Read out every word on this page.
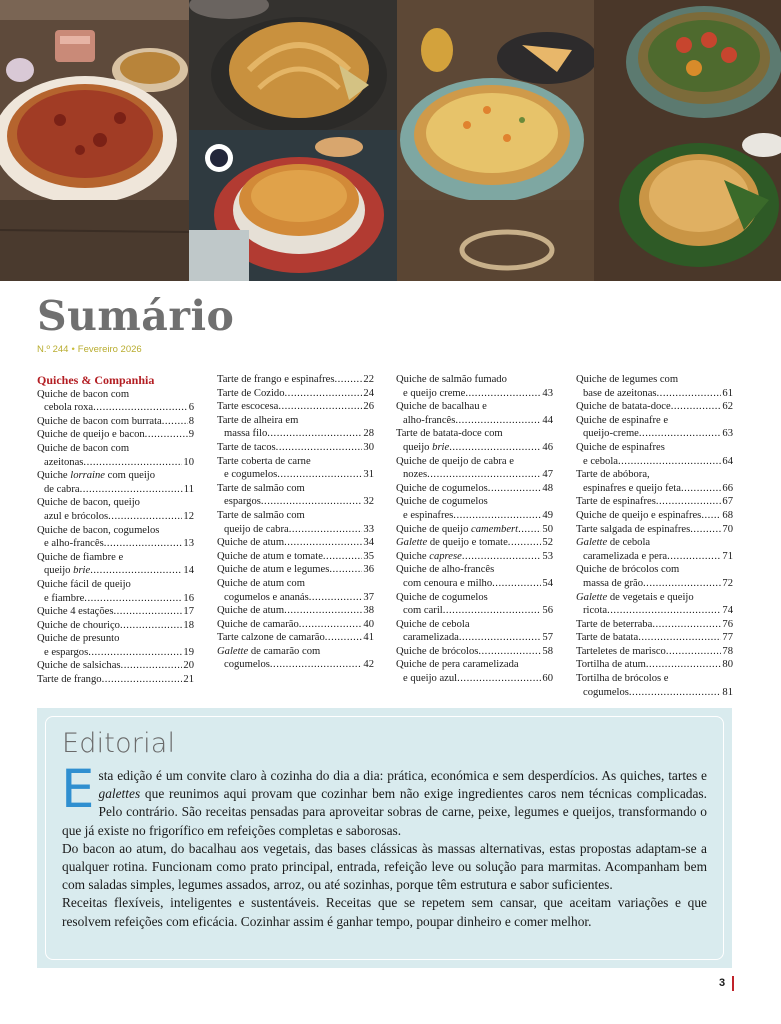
Sumário
N.º 244 • Fevereiro 2026
Quiches & Companhia
Quiche de bacon com
cebola roxa .....	6
Quiche de bacon com burrata .....	8
Quiche de queijo e bacon .....	9
Quiche de bacon com
azeitonas .....	10
Quiche lorraine com queijo
de cabra .....	11
Quiche de bacon, queijo
azul e brócolos .....	12
Quiche de bacon, cogumelos
e alho-francês .....	13
Quiche de fiambre e
queijo brie .....	14
Quiche fácil de queijo
e fiambre .....	16
Quiche 4 estações .....	17
Quiche de chouriço .....	18
Quiche de presunto
e espargos .....	19
Quiche de salsichas .....	20
Tarte de frango .....	21
Tarte de frango e espinafres .....	22
Tarte de Cozido .....	24
Tarte escocesa .....	26
Tarte de alheira em
massa filo .....	28
Tarte de tacos .....	30
Tarte coberta de carne
e cogumelos .....	31
Tarte de salmão com
espargos .....	32
Tarte de salmão com
queijo de cabra .....	33
Quiche de atum .....	34
Quiche de atum e tomate .....	35
Quiche de atum e legumes .....	36
Quiche de atum com
cogumelos e ananás .....	37
Quiche de atum .....	38
Quiche de camarão .....	40
Tarte calzone de camarão .....	41
Galette de camarão com
cogumelos .....	42
Quiche de salmão fumado
e queijo creme .....	43
Quiche de bacalhau e
alho-francês .....	44
Tarte de batata-doce com
queijo brie .....	46
Quiche de queijo de cabra e
nozes .....	47
Quiche de cogumelos .....	48
Quiche de cogumelos
e espinafres .....	49
Quiche de queijo camembert ..... 50
Galette de queijo e tomate .....	52
Quiche caprese .....	53
Quiche de alho-francês
com cenoura e milho .....	54
Quiche de cogumelos
com caril .....	56
Quiche de cebola
caramelizada .....	57
Quiche de brócolos .....	58
Quiche de pera caramelizada
e queijo azul .....	60
Quiche de legumes com
base de azeitonas .....	61
Quiche de batata-doce .....	62
Quiche de espinafre e
queijo-creme .....	63
Quiche de espinafres
e cebola .....	64
Tarte de abóbora,
espinafres e queijo feta .....	66
Tarte de espinafres .....	67
Quiche de queijo e espinafres ..... 68
Tarte salgada de espinafres .....	70
Galette de cebola
caramelizada e pera .....	71
Quiche de brócolos com
massa de grão .....	72
Galette de vegetais e queijo
ricota .....	74
Tarte de beterraba .....	76
Tarte de batata .....	77
Tarteletes de marisco .....	78
Tortilha de atum .....	80
Tortilha de brócolos e
cogumelos .....	81
Editorial

Esta edição é um convite claro à cozinha do dia a dia: prática, económica e sem desperdícios. As quiches, tartes e galettes que reunimos aqui provam que cozinhar bem não exige ingredientes caros nem técnicas complicadas. Pelo contrário. São receitas pensadas para aproveitar sobras de carne, peixe, legumes e queijos, transformando o que já existe no frigorífico em refeições completas e saborosas.

Do bacon ao atum, do bacalhau aos vegetais, das bases clássicas às massas alternativas, estas propostas adaptam-se a qualquer rotina. Funcionam como prato principal, entrada, refeição leve ou solução para marmitas. Acompanham bem com saladas simples, legumes assados, arroz, ou até sozinhas, porque têm estrutura e sabor suficientes.

Receitas flexíveis, inteligentes e sustentáveis. Receitas que se repetem sem cansar, que aceitam variações e que resolvem refeições com eficácia. Cozinhar assim é ganhar tempo, poupar dinheiro e comer melhor.

3
